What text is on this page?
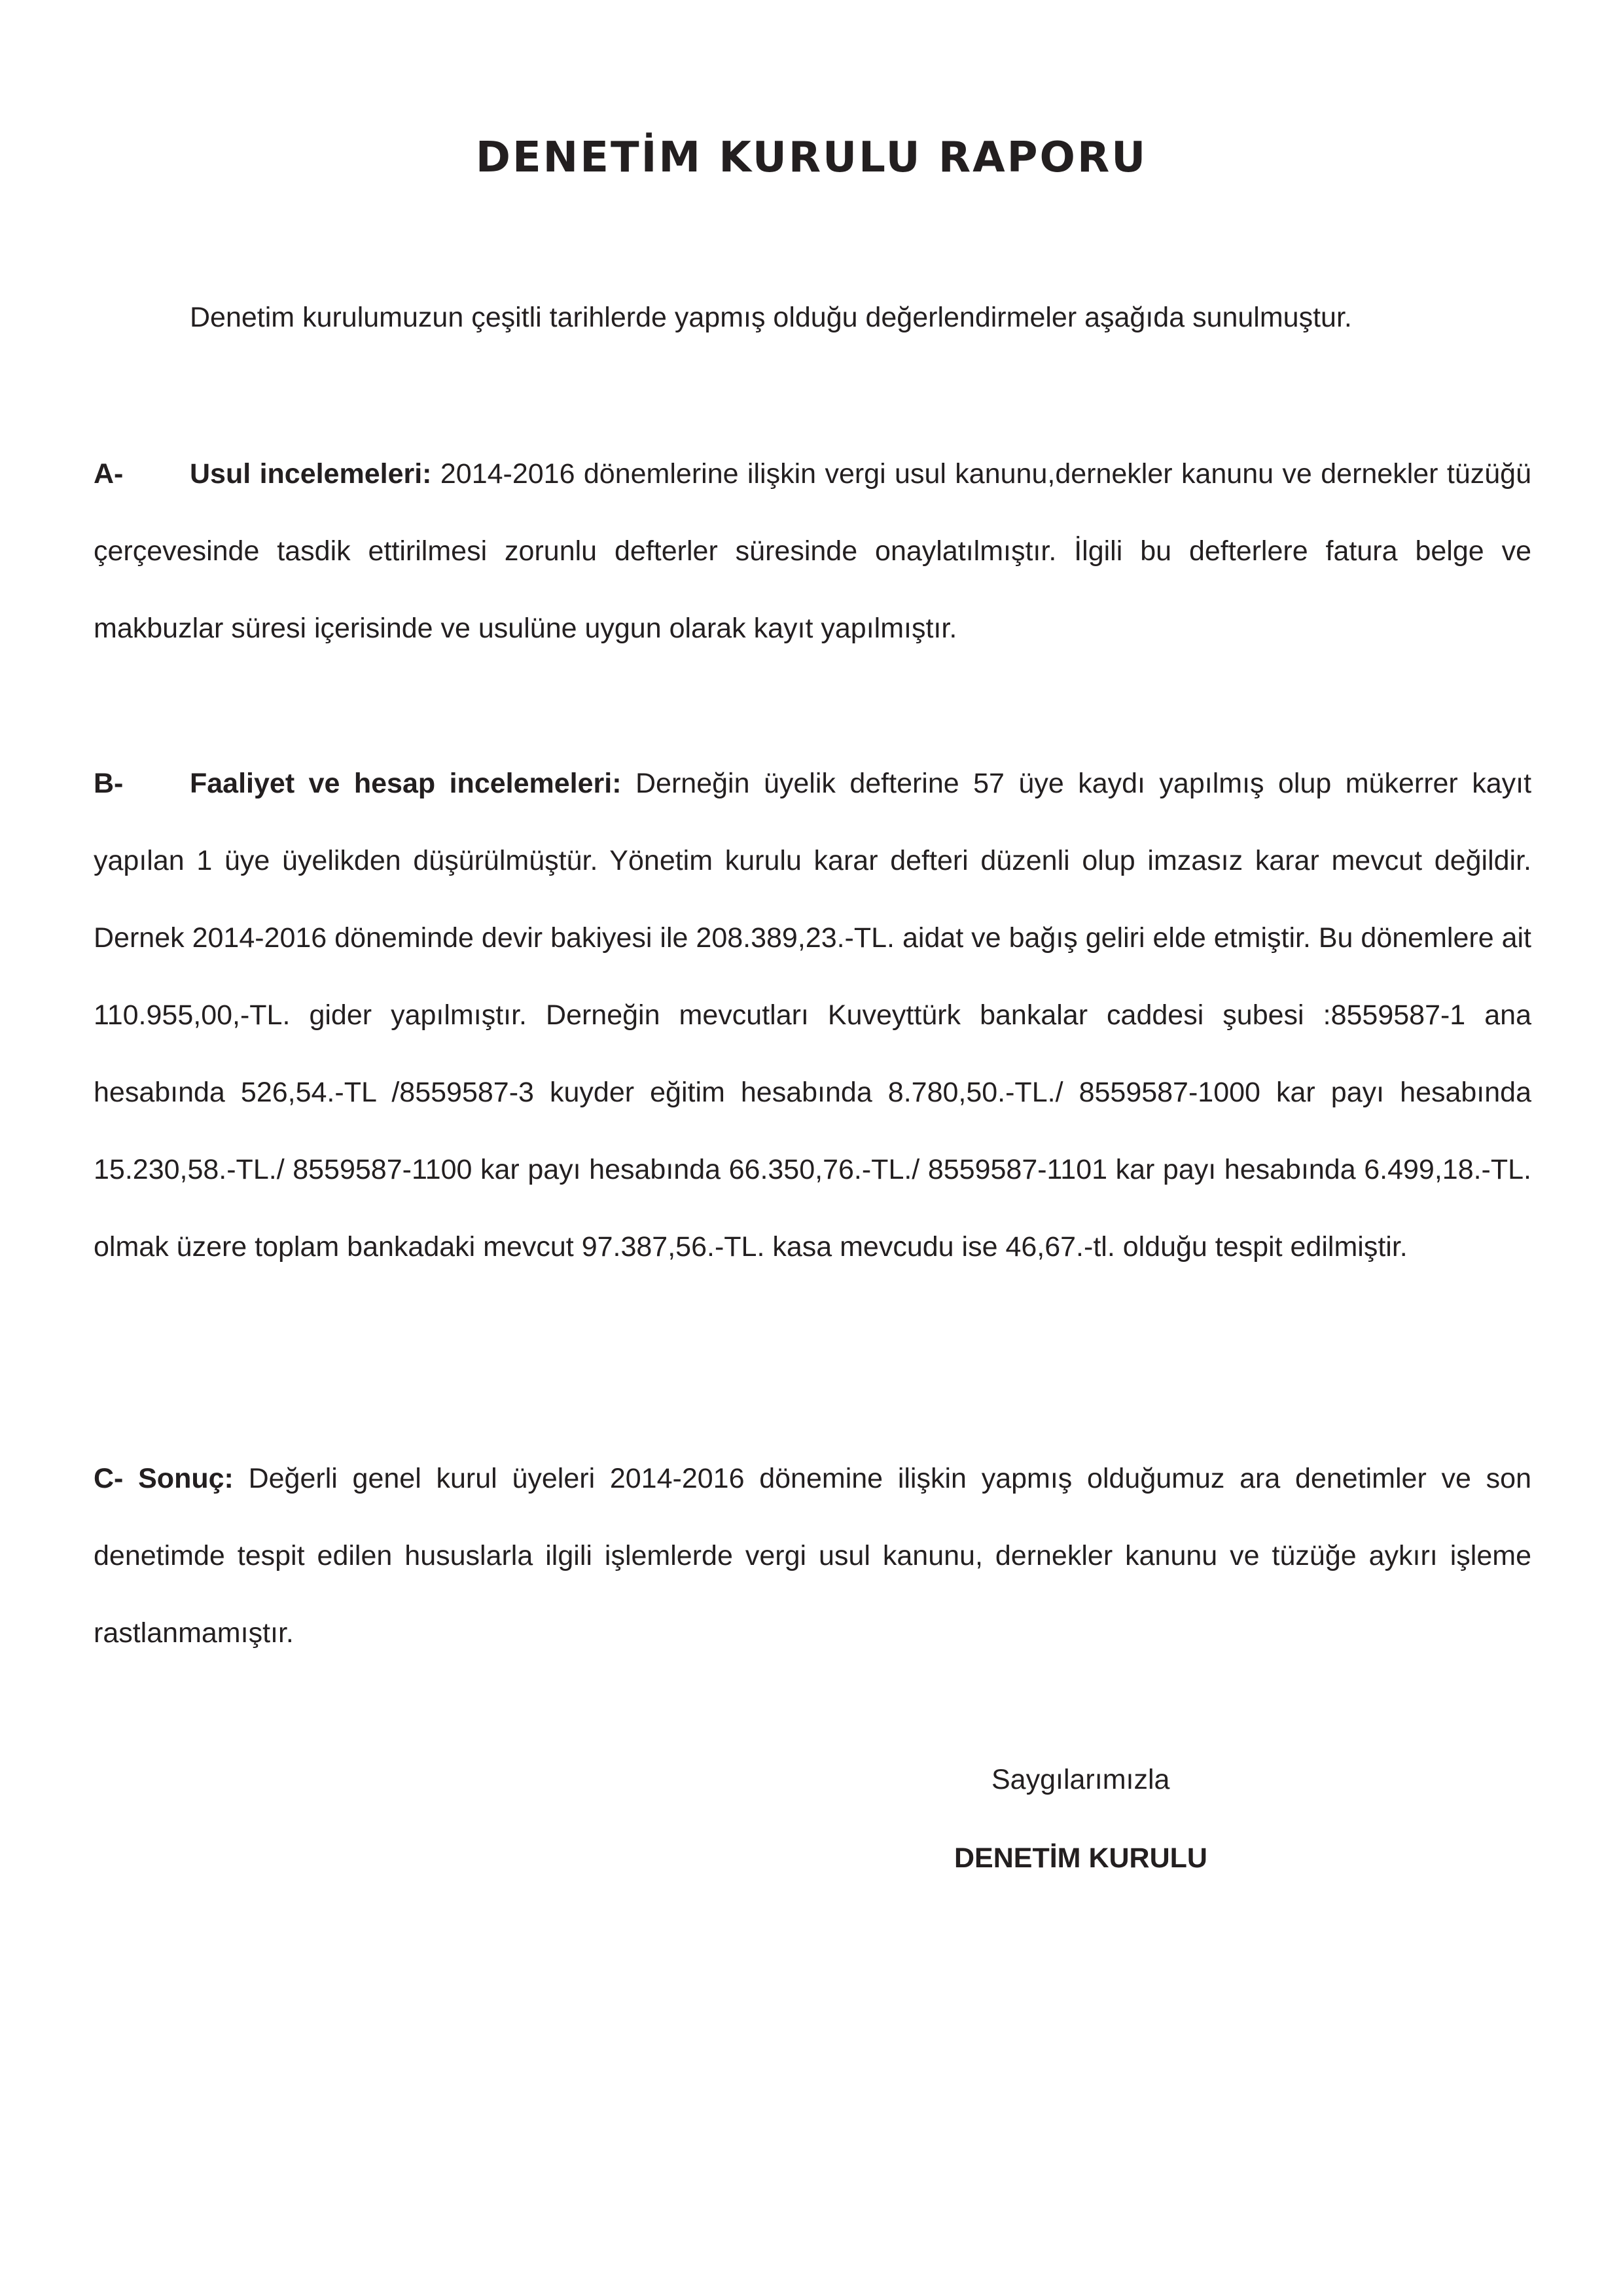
DENETİM KURULU RAPORU

Denetim kurulumuzun çeşitli tarihlerde yapmış olduğu değerlendirmeler aşağıda sunulmuştur.

A- Usul incelemeleri: 2014-2016 dönemlerine ilişkin vergi usul kanunu,dernekler kanunu ve dernekler tüzüğü çerçevesinde tasdik ettirilmesi zorunlu defterler süresinde onaylatılmıştır. İlgili bu defterlere fatura belge ve makbuzlar süresi içerisinde ve usulüne uygun olarak kayıt yapılmıştır.

B- Faaliyet ve hesap incelemeleri: Derneğin üyelik defterine 57 üye kaydı yapılmış olup mükerrer kayıt yapılan 1 üye üyelikden düşürülmüştür. Yönetim kurulu karar defteri düzenli olup imzasız karar mevcut değildir. Dernek 2014-2016 döneminde devir bakiyesi ile 208.389,23.-TL. aidat ve bağış geliri elde etmiştir. Bu dönemlere ait 110.955,00,-TL. gider yapılmıştır. Derneğin mevcutları Kuveyttürk bankalar caddesi şubesi :8559587-1 ana hesabında 526,54.-TL /8559587-3 kuyder eğitim hesabında 8.780,50.-TL./ 8559587-1000 kar payı hesabında 15.230,58.-TL./ 8559587-1100 kar payı hesabında 66.350,76.-TL./ 8559587-1101 kar payı hesabında 6.499,18.-TL. olmak üzere toplam bankadaki mevcut 97.387,56.-TL. kasa mevcudu ise 46,67.-tl. olduğu tespit edilmiştir.

C- Sonuç: Değerli genel kurul üyeleri 2014-2016 dönemine ilişkin yapmış olduğumuz ara denetimler ve son denetimde tespit edilen hususlarla ilgili işlemlerde vergi usul kanunu, dernekler kanunu ve tüzüğe aykırı işleme rastlanmamıştır.

Saygılarımızla

DENETİM KURULU
